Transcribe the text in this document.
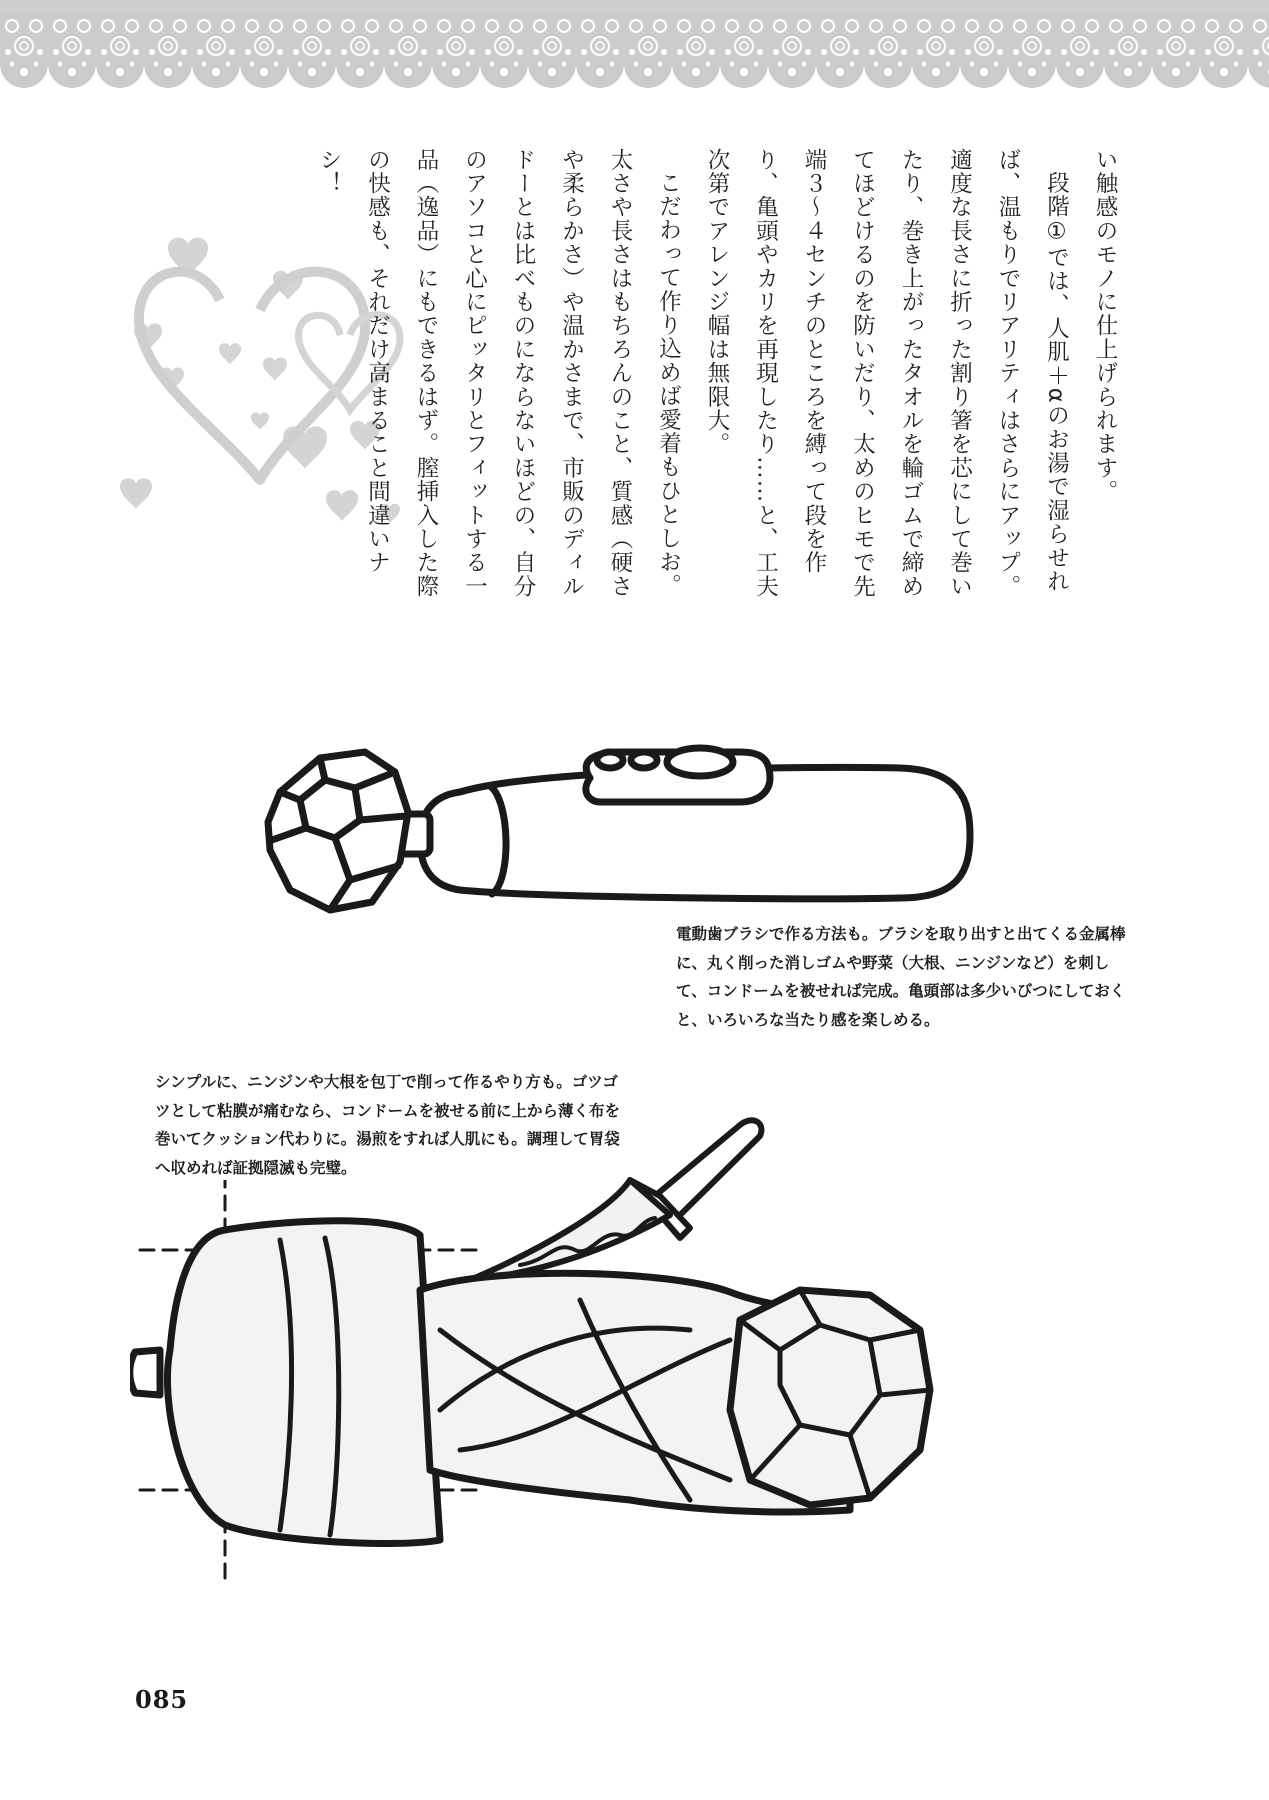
い触感のモノに仕上げられます。

段階①では、人肌＋αのお湯で湿らせれば、温もりでリアリティはさらにアップ。適度な長さに折った割り箸を芯にして巻いたり、巻き上がったタオルを輪ゴムで締めてほどけるのを防いだり、太めのヒモで先端３～４センチのところを縛って段を作り、亀頭やカリを再現したり……と、工夫次第でアレンジ幅は無限大。

こだわって作り込めば愛着もひとしお。太さや長さはもちろんのこと、質感（硬さや柔らかさ）や温かさまで、市販のディルドーとは比べものにならないほどの、自分のアソコと心にピッタリとフィットする一品（逸品）にもできるはず。膣挿入した際の快感も、それだけ高まること間違いナシ！

電動歯ブラシで作る方法も。ブラシを取り出すと出てくる金属棒に、丸く削った消しゴムや野菜（大根、ニンジンなど）を刺して、コンドームを被せれば完成。亀頭部は多少いびつにしておくと、いろいろな当たり感を楽しめる。

シンプルに、ニンジンや大根を包丁で削って作るやり方も。ゴツゴツとして粘膜が痛むなら、コンドームを被せる前に上から薄く布を巻いてクッション代わりに。湯煎をすれば人肌にも。調理して胃袋へ収めれば証拠隠滅も完璧。

085
